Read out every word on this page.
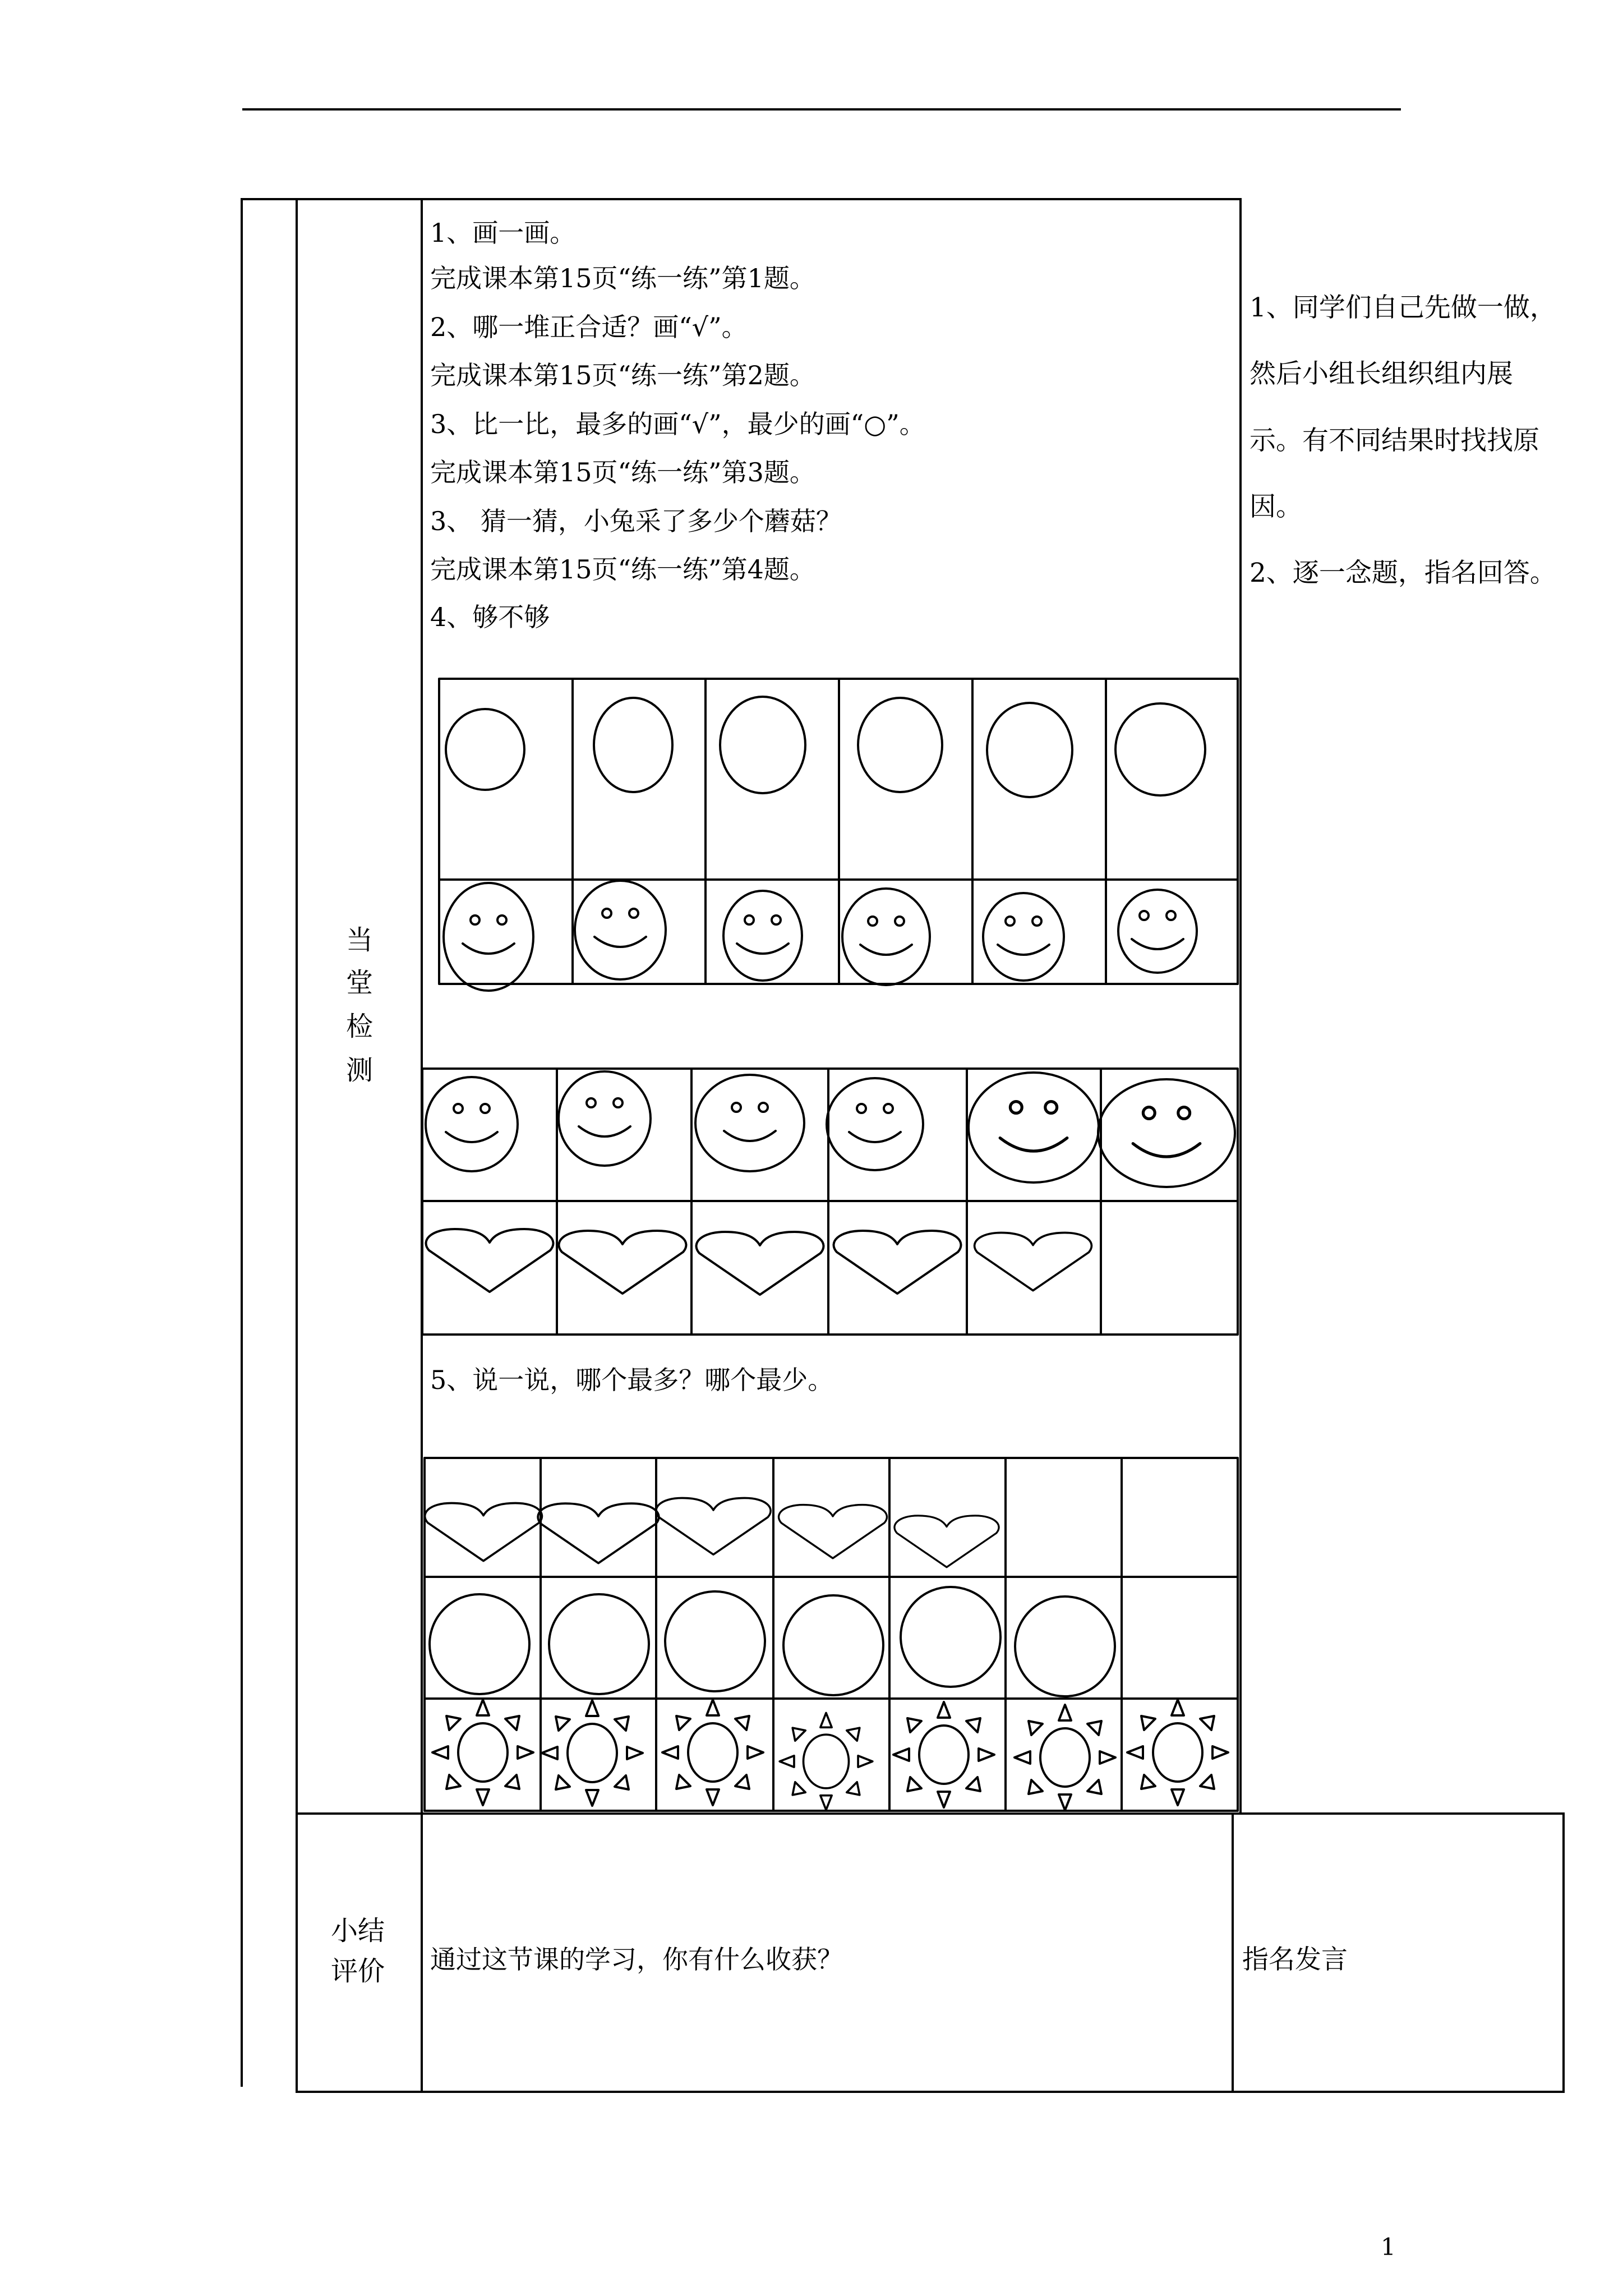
当
堂
检
测
小结
评价
1、画一画。
完成课本第15页“练一练”第1题。
2、哪一堆正合适？画“√”。
完成课本第15页“练一练”第2题。
3、比一比，最多的画“√”，最少的画“○”。
完成课本第15页“练一练”第3题。
3、 猜一猜，小兔采了多少个蘑菇？
完成课本第15页“练一练”第4题。
4、够不够
5、说一说，哪个最多？哪个最少。
1、同学们自己先做一做，
然后小组长组织组内展
示。有不同结果时找找原
因。
2、逐一念题，指名回答。
通过这节课的学习，你有什么收获？	指名发言
1
